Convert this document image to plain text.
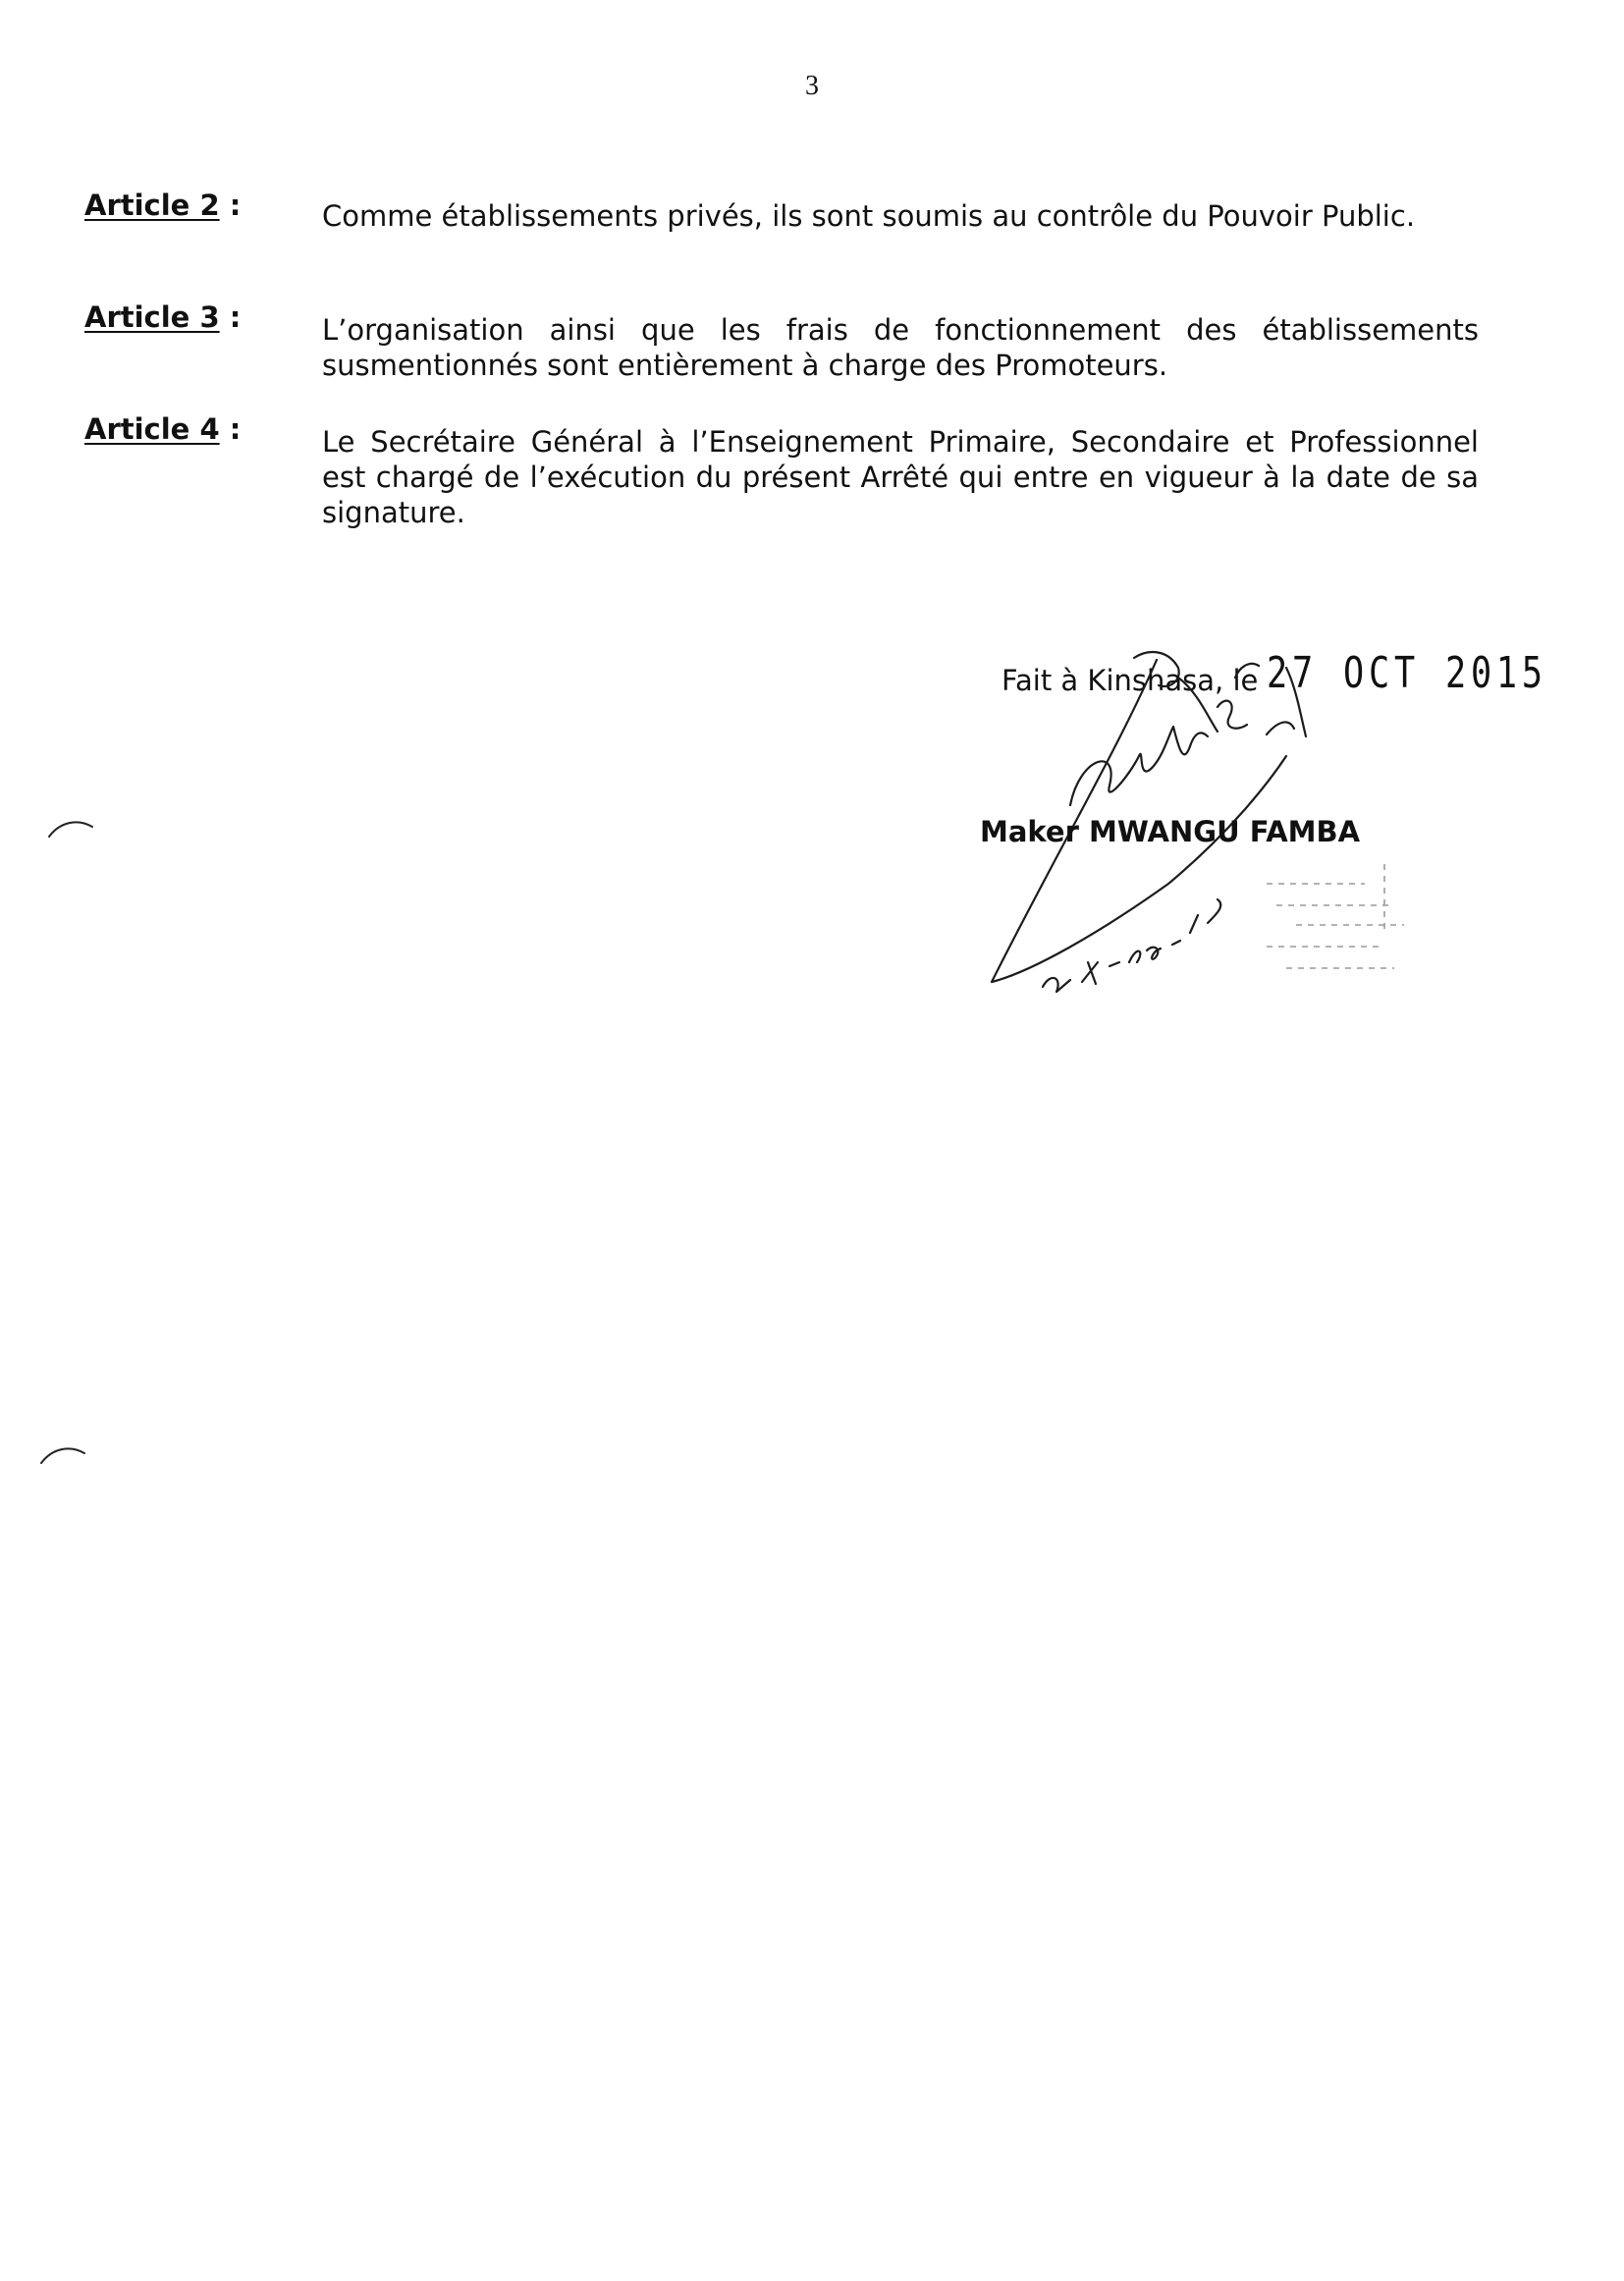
3
Article 2 :	Comme établissements privés, ils sont soumis au contrôle du Pouvoir Public.
Article 3 :	L’organisation ainsi que les frais de fonctionnement des établissements susmentionnés sont entièrement à charge des Promoteurs.
Article 4 :	Le Secrétaire Général à l’Enseignement Primaire, Secondaire et Professionnel est chargé de l’exécution du présent Arrêté qui entre en vigueur à la date de sa signature.
Fait à Kinshasa, le 27 OCT 2015
Maker MWANGU FAMBA
